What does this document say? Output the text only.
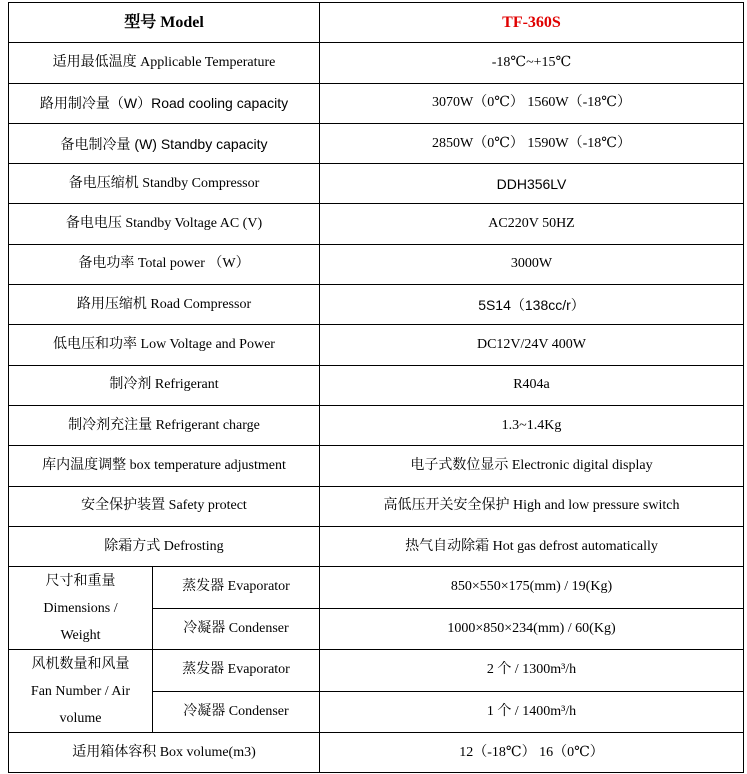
型号 Model		TF-360S
适用最低温度 Applicable Temperature		-18℃~+15℃
路用制冷量（W）Road cooling capacity		3070W（0℃） 1560W（-18℃）
备电制冷量 (W) Standby capacity		2850W（0℃） 1590W（-18℃）
备电压缩机 Standby Compressor		DDH356LV
备电电压 Standby Voltage AC (V)		AC220V 50HZ
备电功率 Total power （W）		3000W
路用压缩机 Road Compressor		5S14（138cc/r）
低电压和功率 Low Voltage and Power		DC12V/24V 400W
制冷剂 Refrigerant		R404a
制冷剂充注量 Refrigerant charge		1.3~1.4Kg
库内温度调整 box temperature adjustment		电子式数位显示 Electronic digital display
安全保护装置 Safety protect		高低压开关安全保护 High and low pressure switch
除霜方式 Defrosting		热气自动除霜 Hot gas defrost automatically

尺寸和重量
Dimensions /
Weight	蒸发器 Evaporator	850×550×175(mm) / 19(Kg)
	冷凝器 Condenser	1000×850×234(mm) / 60(Kg)

风机数量和风量
Fan Number / Air
volume	蒸发器 Evaporator	2 个 / 1300m³/h
	冷凝器 Condenser	1 个 / 1400m³/h
适用箱体容积 Box volume(m3)		12（-18℃） 16（0℃）
